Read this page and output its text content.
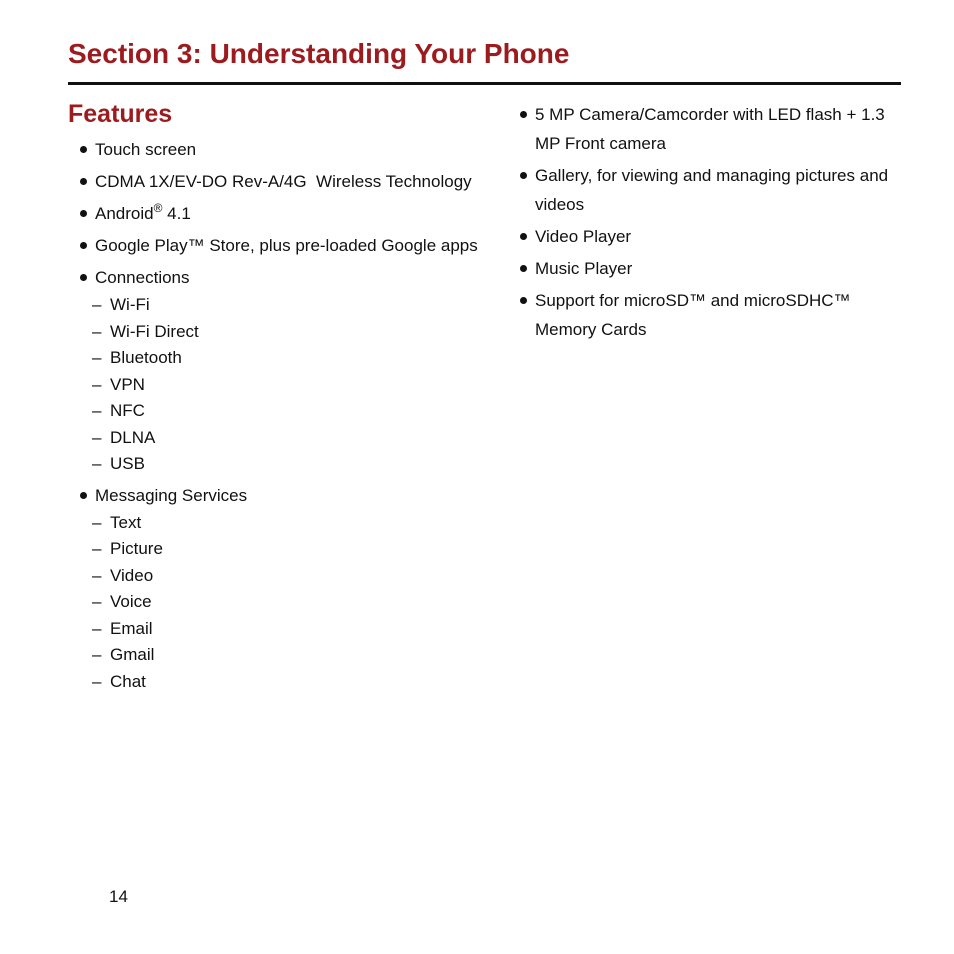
Section 3: Understanding Your Phone
Features
Touch screen
CDMA 1X/EV-DO Rev-A/4G  Wireless Technology
Android® 4.1
Google Play™ Store, plus pre-loaded Google apps
Connections
– Wi-Fi
– Wi-Fi Direct
– Bluetooth
– VPN
– NFC
– DLNA
– USB
Messaging Services
– Text
– Picture
– Video
– Voice
– Email
– Gmail
– Chat
5 MP Camera/Camcorder with LED flash + 1.3 MP Front camera
Gallery, for viewing and managing pictures and videos
Video Player
Music Player
Support for microSD™ and microSDHC™ Memory Cards
14
